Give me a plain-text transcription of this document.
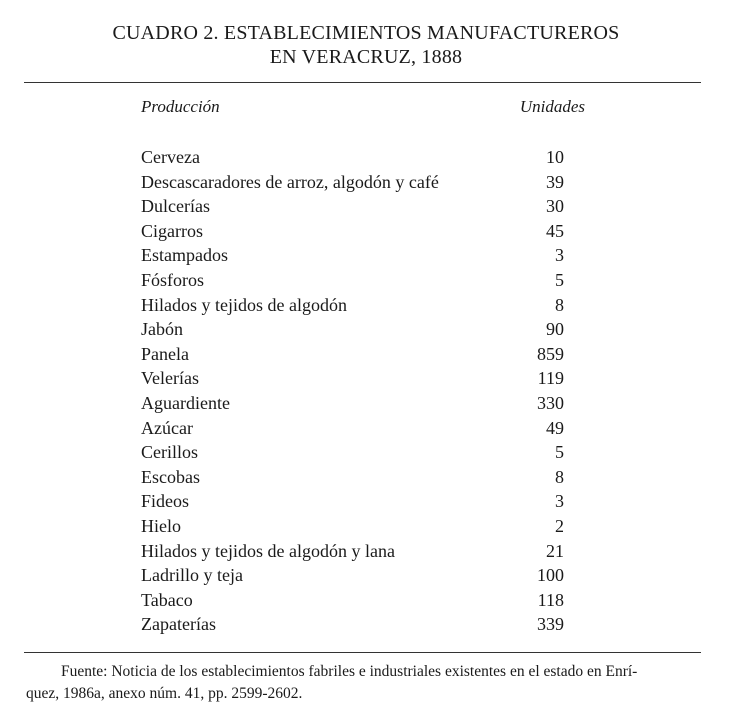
CUADRO 2. ESTABLECIMIENTOS MANUFACTUREROS
EN VERACRUZ, 1888
Producción	Unidades
Cerveza	10
Descascaradores de arroz, algodón y café	39
Dulcerías	30
Cigarros	45
Estampados	3
Fósforos	5
Hilados y tejidos de algodón	8
Jabón	90
Panela	859
Velerías	119
Aguardiente	330
Azúcar	49
Cerillos	5
Escobas	8
Fideos	3
Hielo	2
Hilados y tejidos de algodón y lana	21
Ladrillo y teja	100
Tabaco	118
Zapaterías	339
Fuente: Noticia de los establecimientos fabriles e industriales existentes en el estado en Enrí-
quez, 1986a, anexo núm. 41, pp. 2599-2602.
